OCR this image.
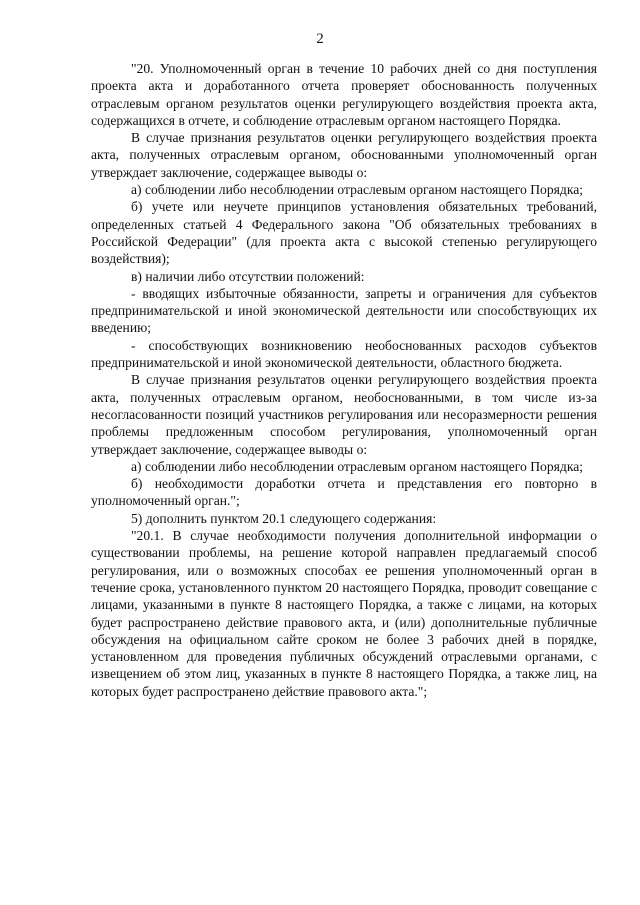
2

"20. Уполномоченный орган в течение 10 рабочих дней со дня поступления проекта акта и доработанного отчета проверяет обоснованность полученных отраслевым органом результатов оценки регулирующего воздействия проекта акта, содержащихся в отчете, и соблюдение отраслевым органом настоящего Порядка.

В случае признания результатов оценки регулирующего воздействия проекта акта, полученных отраслевым органом, обоснованными уполномоченный орган утверждает заключение, содержащее выводы о:

а) соблюдении либо несоблюдении отраслевым органом настоящего Порядка;

б) учете или неучете принципов установления обязательных требований, определенных статьей 4 Федерального закона "Об обязательных требованиях в Российской Федерации" (для проекта акта с высокой степенью регулирующего воздействия);

в) наличии либо отсутствии положений:

- вводящих избыточные обязанности, запреты и ограничения для субъектов предпринимательской и иной экономической деятельности или способствующих их введению;

- способствующих возникновению необоснованных расходов субъектов предпринимательской и иной экономической деятельности, областного бюджета.

В случае признания результатов оценки регулирующего воздействия проекта акта, полученных отраслевым органом, необоснованными, в том числе из-за несогласованности позиций участников регулирования или несоразмерности решения проблемы предложенным способом регулирования, уполномоченный орган утверждает заключение, содержащее выводы о:

а) соблюдении либо несоблюдении отраслевым органом настоящего Порядка;

б) необходимости доработки отчета и представления его повторно в уполномоченный орган.";

5) дополнить пунктом 20.1 следующего содержания:

"20.1. В случае необходимости получения дополнительной информации о существовании проблемы, на решение которой направлен предлагаемый способ регулирования, или о возможных способах ее решения уполномоченный орган в течение срока, установленного пунктом 20 настоящего Порядка, проводит совещание с лицами, указанными в пункте 8 настоящего Порядка, а также с лицами, на которых будет распространено действие правового акта, и (или) дополнительные публичные обсуждения на официальном сайте сроком не более 3 рабочих дней в порядке, установленном для проведения публичных обсуждений отраслевыми органами, с извещением об этом лиц, указанных в пункте 8 настоящего Порядка, а также лиц, на которых будет распространено действие правового акта.";
